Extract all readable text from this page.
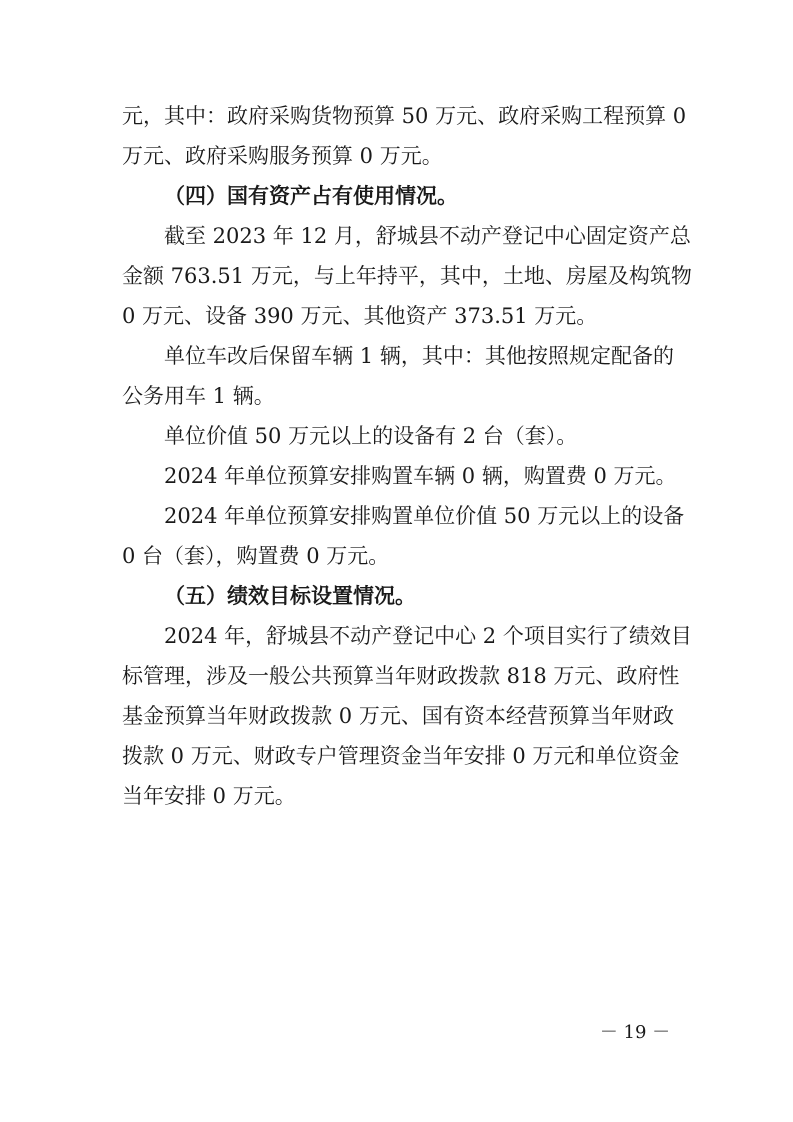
元，其中：政府采购货物预算 50 万元、政府采购工程预算 0
万元、政府采购服务预算 0 万元。
（四）国有资产占有使用情况。
截至 2023 年 12 月，舒城县不动产登记中心固定资产总
金额 763.51 万元，与上年持平，其中，土地、房屋及构筑物
0 万元、设备 390 万元、其他资产 373.51 万元。
单位车改后保留车辆 1 辆，其中：其他按照规定配备的
公务用车 1 辆。
单位价值 50 万元以上的设备有 2 台（套）。
2024 年单位预算安排购置车辆 0 辆，购置费 0 万元。
2024 年单位预算安排购置单位价值 50 万元以上的设备
0 台（套），购置费 0 万元。
（五）绩效目标设置情况。
2024 年，舒城县不动产登记中心 2 个项目实行了绩效目
标管理，涉及一般公共预算当年财政拨款 818 万元、政府性
基金预算当年财政拨款 0 万元、国有资本经营预算当年财政
拨款 0 万元、财政专户管理资金当年安排 0 万元和单位资金
当年安排 0 万元。
－ 19 －
